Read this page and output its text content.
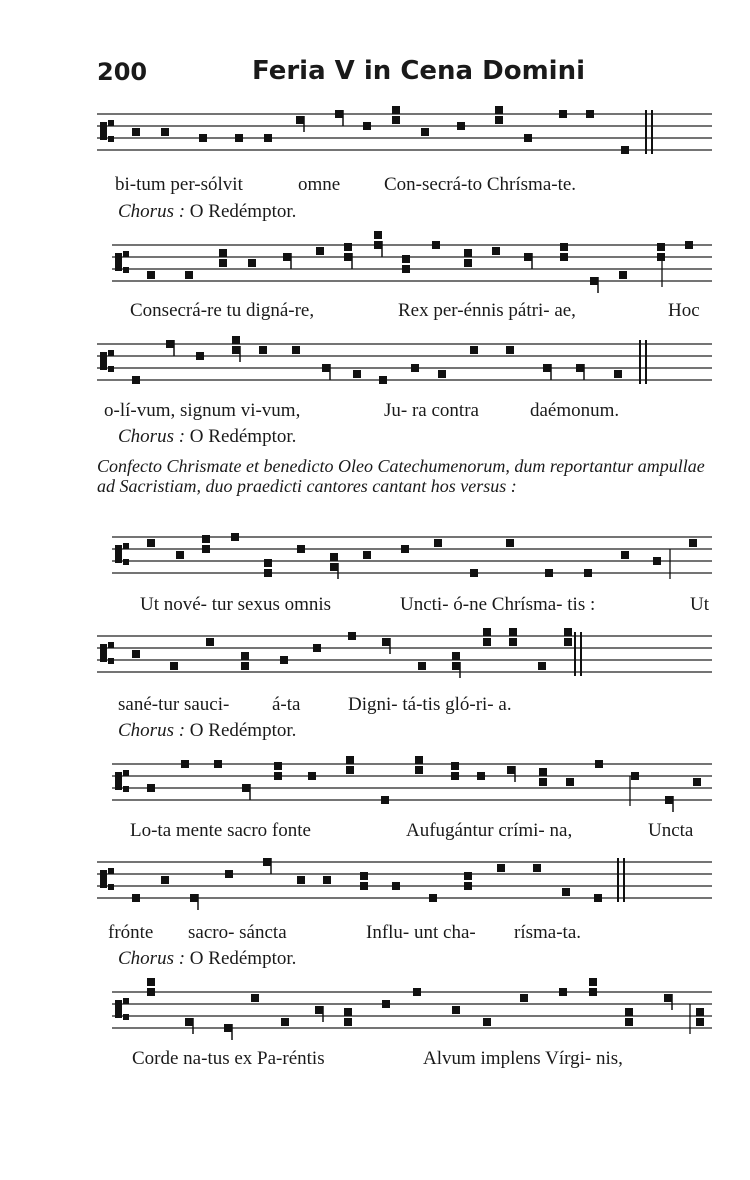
200	Feria V in Cena Domini
bi-tum per-sólvit	omne Con-secrá-to Chrísma-te.
Chorus : O Redémptor.
Consecrá-re tu digná-re,	Rex per-énnis pátri- ae,	Hoc
o-lí-vum, signum vi-vum,	Ju- ra contra	daémonum.
Chorus : O Redémptor.
Confecto Chrismate et benedicto Oleo Catechumenorum, dum reportantur ampullae ad Sacristiam, duo praedicti cantores cantant hos versus :
Ut nové- tur sexus omnis	Uncti- ó-ne Chrísma- tis :	Ut
sané-tur sauci- á-ta	Digni- tá-tis gló-ri- a.
Chorus : O Redémptor.
Lo-ta mente sacro fonte	Aufugántur crími- na,	Uncta
frónte sacro- sáncta	Influ- unt cha- rísma-ta.
Chorus : O Redémptor.
Corde na-tus ex Pa-réntis	Alvum implens Vírgi- nis,
